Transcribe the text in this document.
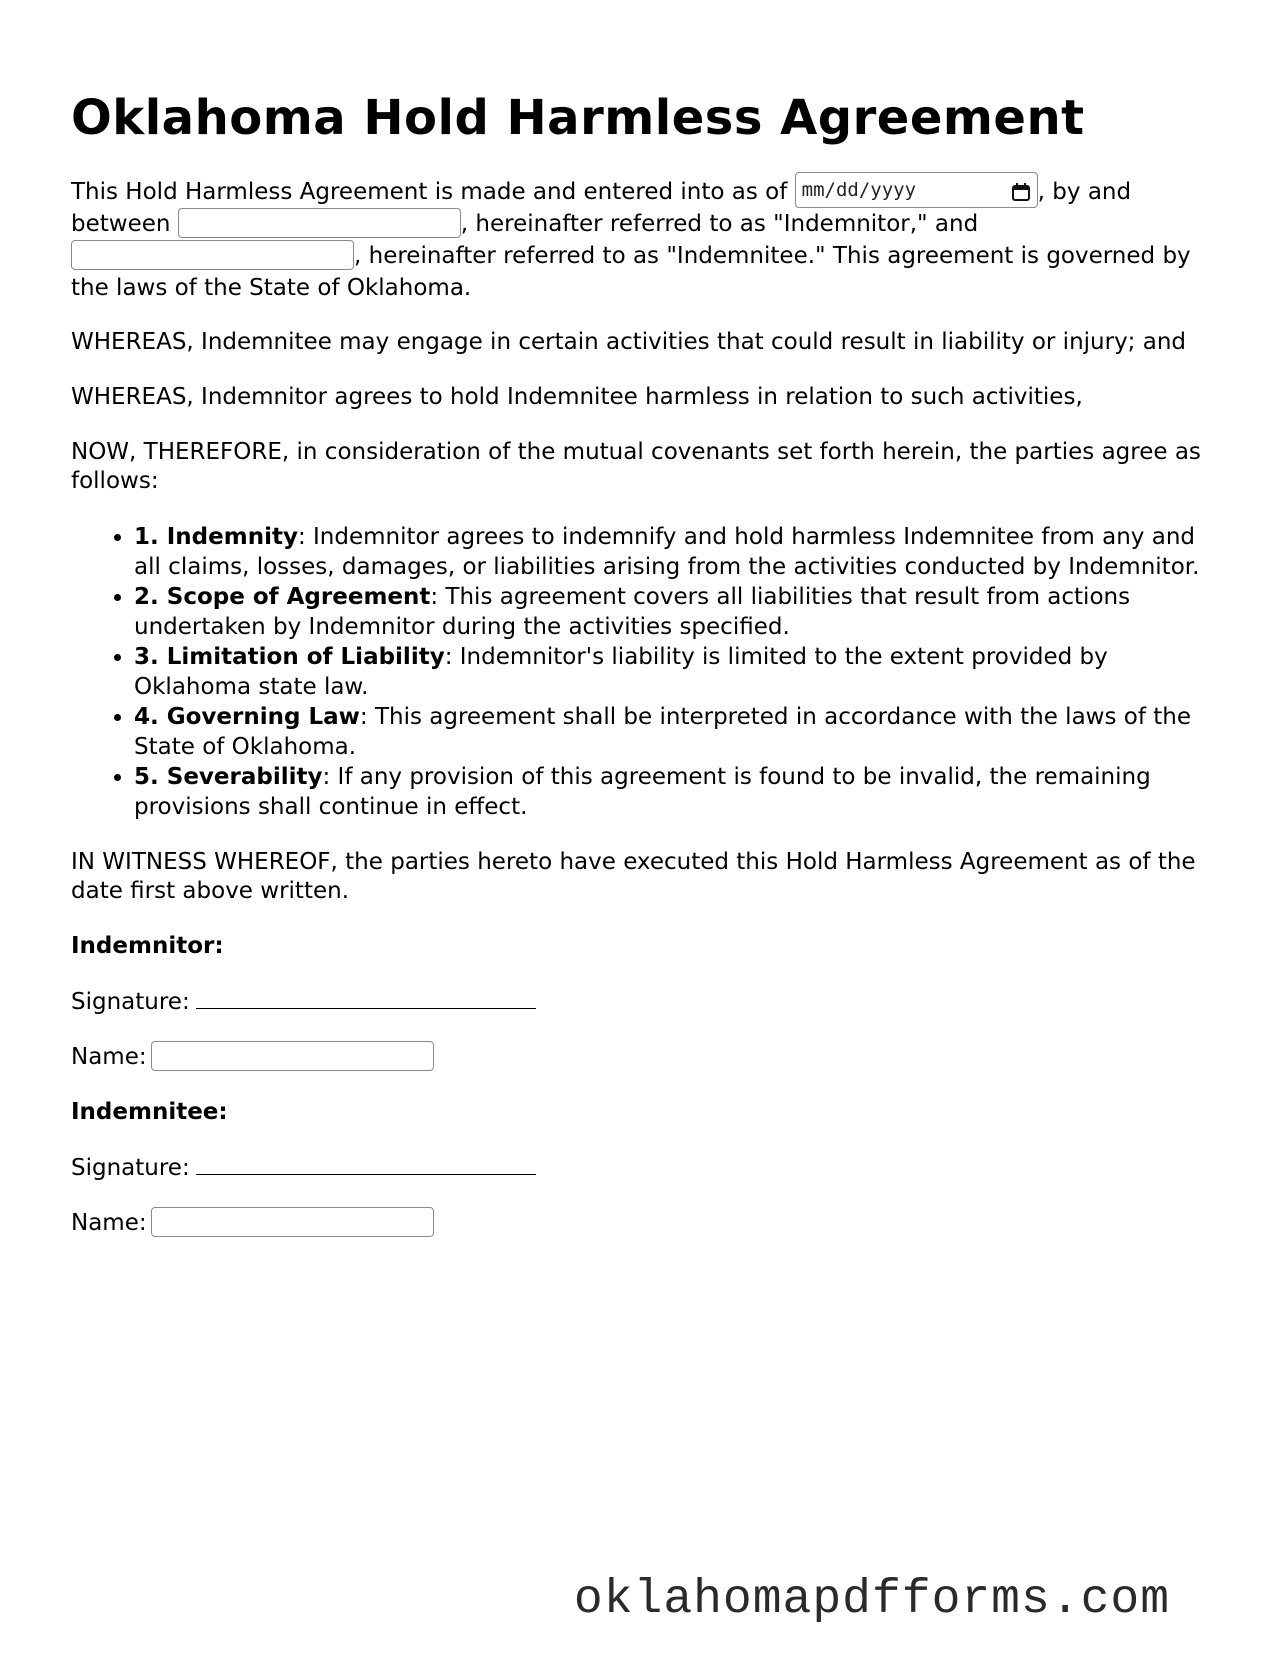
Oklahoma Hold Harmless Agreement

This Hold Harmless Agreement is made and entered into as of mm/dd/yyyy	, by and between	, hereinafter referred to as "Indemnitor," and , hereinafter referred to as "Indemnitee." This agreement is governed by the laws of the State of Oklahoma.

WHEREAS, Indemnitee may engage in certain activities that could result in liability or injury; and

WHEREAS, Indemnitor agrees to hold Indemnitee harmless in relation to such activities,

NOW, THEREFORE, in consideration of the mutual covenants set forth herein, the parties agree as follows:

• 1. Indemnity: Indemnitor agrees to indemnify and hold harmless Indemnitee from any and all claims, losses, damages, or liabilities arising from the activities conducted by Indemnitor.
• 2. Scope of Agreement: This agreement covers all liabilities that result from actions undertaken by Indemnitor during the activities specified.
• 3. Limitation of Liability: Indemnitor's liability is limited to the extent provided by Oklahoma state law.
• 4. Governing Law: This agreement shall be interpreted in accordance with the laws of the State of Oklahoma.
• 5. Severability: If any provision of this agreement is found to be invalid, the remaining provisions shall continue in effect.

IN WITNESS WHEREOF, the parties hereto have executed this Hold Harmless Agreement as of the date first above written.

Indemnitor:

Signature:

Name:

Indemnitee:

Signature:

Name:

oklahomapdfforms.com
